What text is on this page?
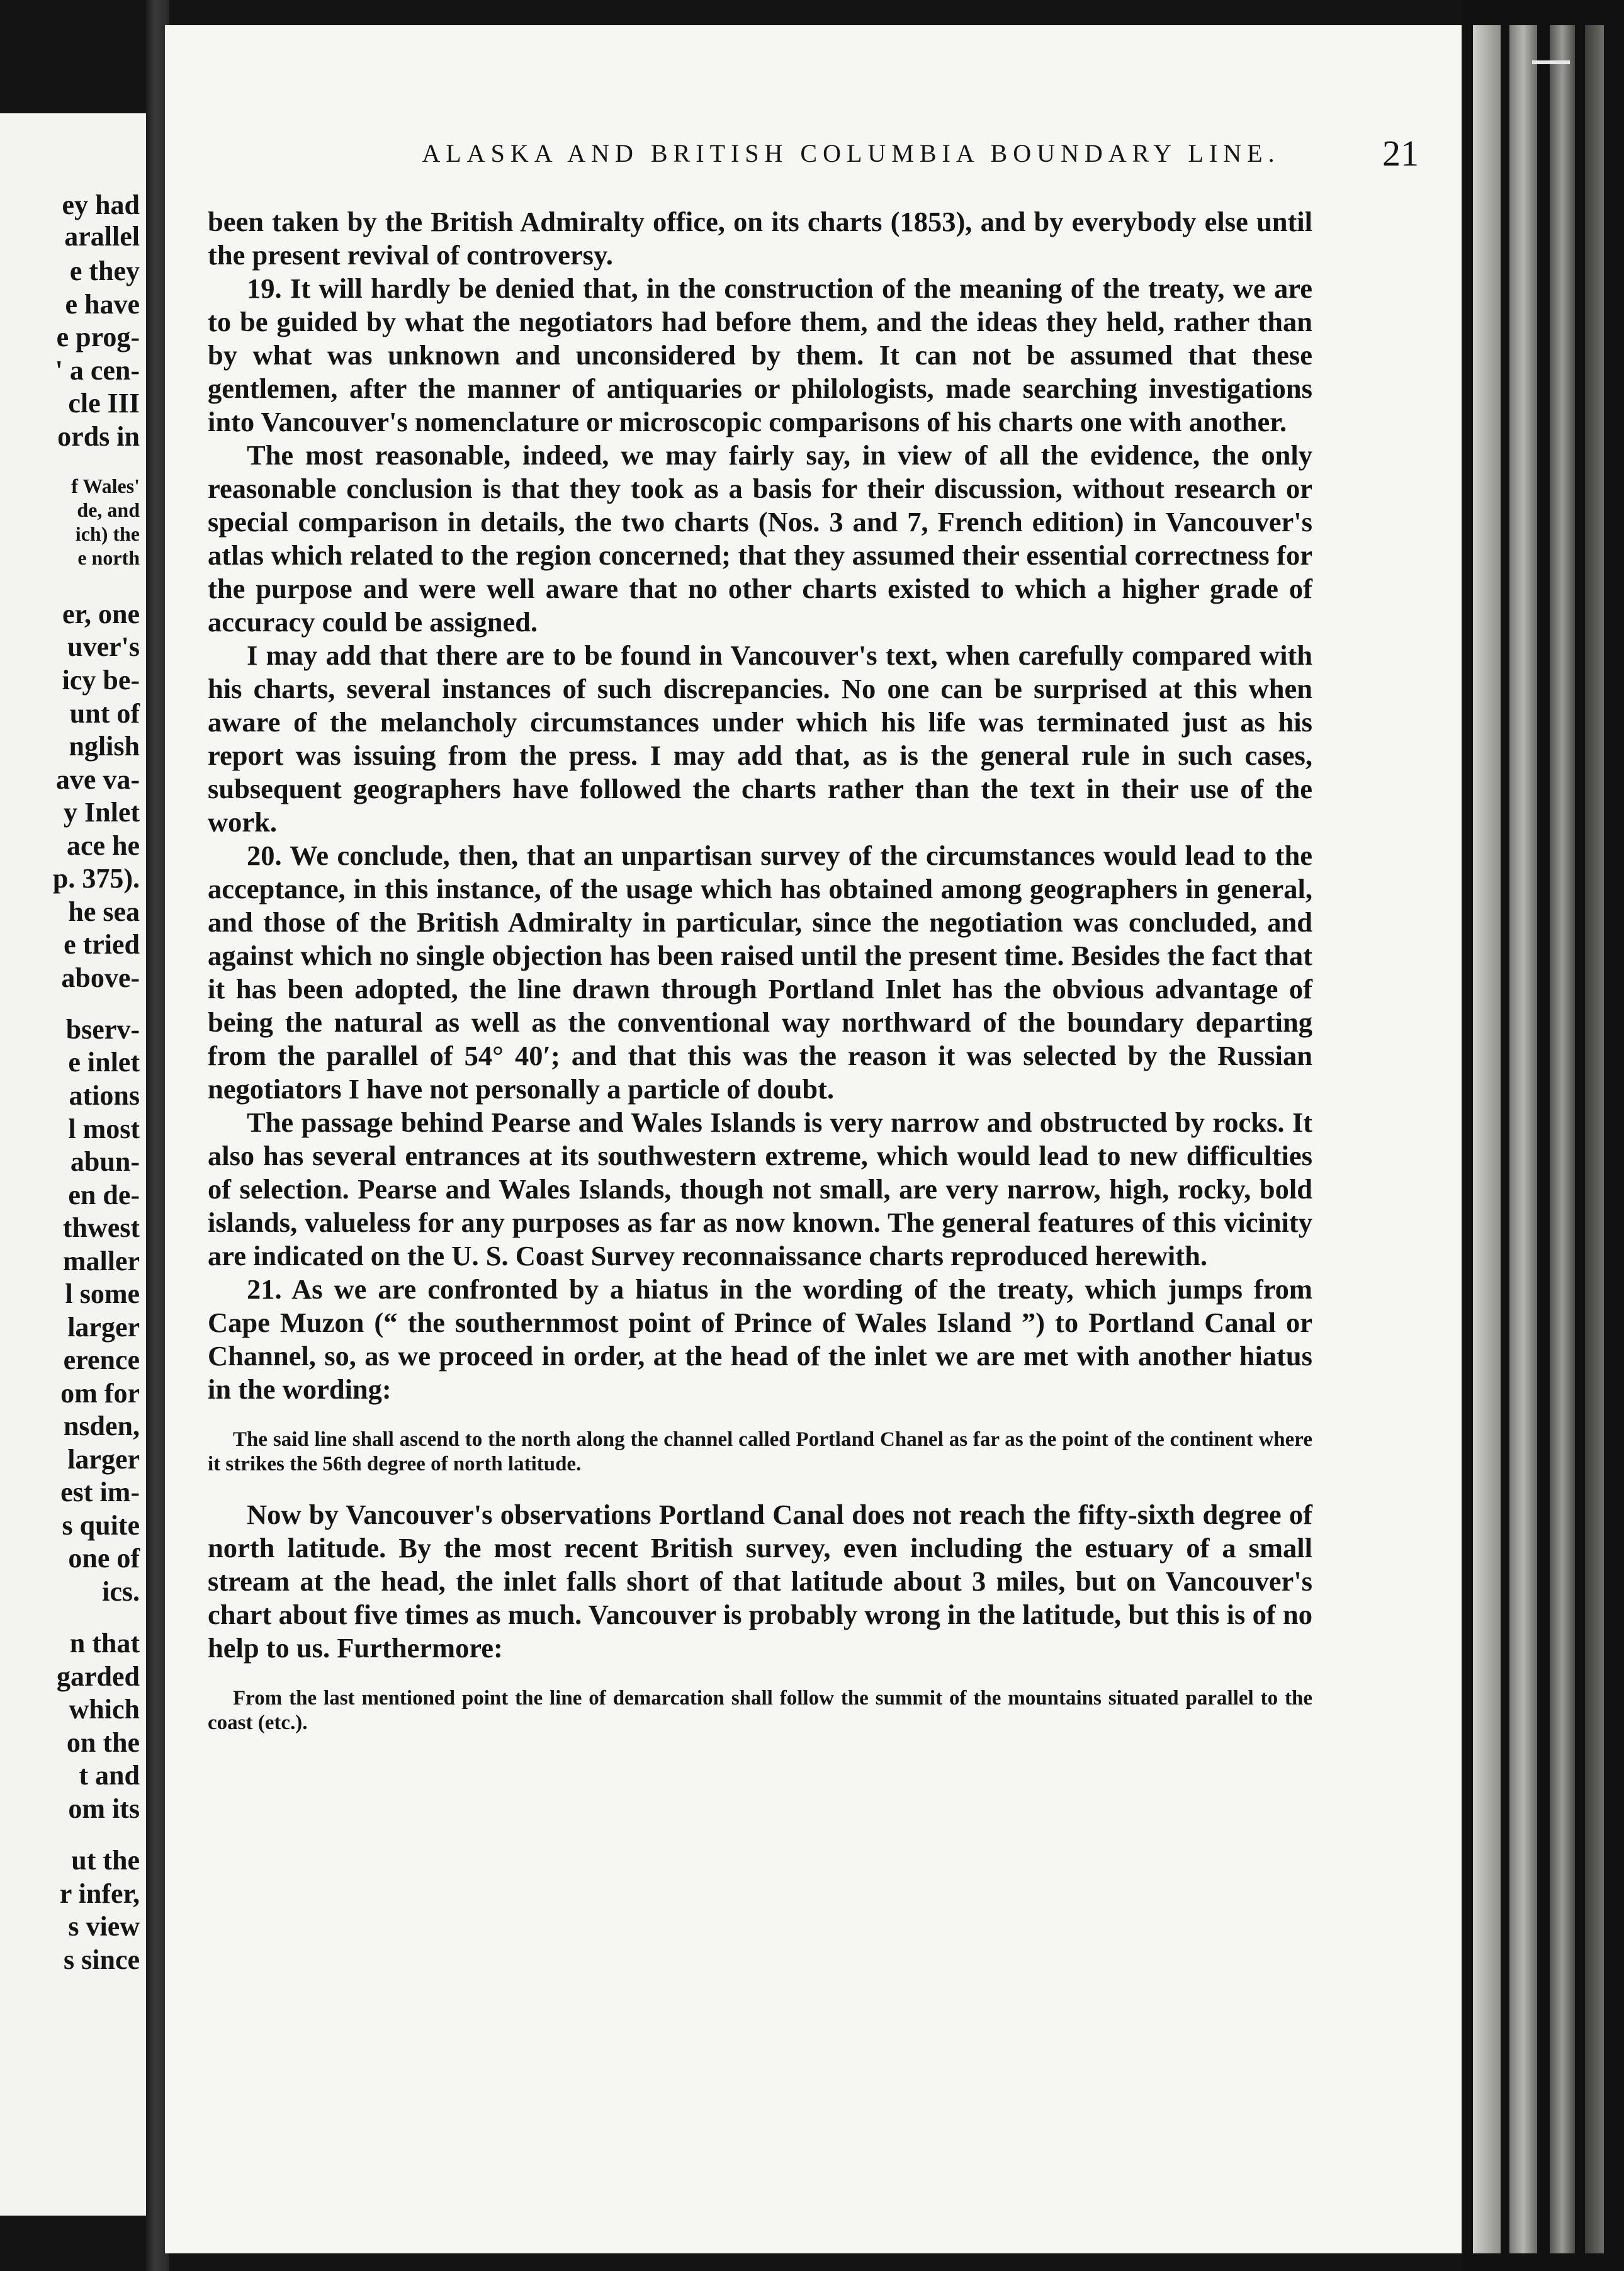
ey had
arallel
e they
e have
e prog-
' a cen-
cle III
ords in
f Wales'
de, and
ich) the
e north
er, one
uver's
icy be-
unt of
nglish
ave va-
y Inlet
ace he
p. 375).
he sea
e tried
above-
bserv-
e inlet
ations
l most
abun-
en de-
thwest
maller
l some
larger
erence
om for
nsden,
larger
est im-
s quite
one of
ics.
n that
garded
which
on the
t and
om its
ut the
r infer,
s view
s since
ALASKA AND BRITISH COLUMBIA BOUNDARY LINE.	21

been taken by the British Admiralty office, on its charts (1853), and by everybody else until the present revival of controversy.

19. It will hardly be denied that, in the construction of the meaning of the treaty, we are to be guided by what the negotiators had before them, and the ideas they held, rather than by what was unknown and unconsidered by them. It can not be assumed that these gentlemen, after the manner of antiquaries or philologists, made searching investigations into Vancouver's nomenclature or microscopic comparisons of his charts one with another.

The most reasonable, indeed, we may fairly say, in view of all the evidence, the only reasonable conclusion is that they took as a basis for their discussion, without research or special comparison in details, the two charts (Nos. 3 and 7, French edition) in Vancouver's atlas which related to the region concerned; that they assumed their essential correctness for the purpose and were well aware that no other charts existed to which a higher grade of accuracy could be assigned.

I may add that there are to be found in Vancouver's text, when carefully compared with his charts, several instances of such discrepancies. No one can be surprised at this when aware of the melancholy circumstances under which his life was terminated just as his report was issuing from the press. I may add that, as is the general rule in such cases, subsequent geographers have followed the charts rather than the text in their use of the work.

20. We conclude, then, that an unpartisan survey of the circumstances would lead to the acceptance, in this instance, of the usage which has obtained among geographers in general, and those of the British Admiralty in particular, since the negotiation was concluded, and against which no single objection has been raised until the present time. Besides the fact that it has been adopted, the line drawn through Portland Inlet has the obvious advantage of being the natural as well as the conventional way northward of the boundary departing from the parallel of 54° 40′; and that this was the reason it was selected by the Russian negotiators I have not personally a particle of doubt.

The passage behind Pearse and Wales Islands is very narrow and obstructed by rocks. It also has several entrances at its southwestern extreme, which would lead to new difficulties of selection. Pearse and Wales Islands, though not small, are very narrow, high, rocky, bold islands, valueless for any purposes as far as now known. The general features of this vicinity are indicated on the U. S. Coast Survey reconnaissance charts reproduced herewith.

21. As we are confronted by a hiatus in the wording of the treaty, which jumps from Cape Muzon (“ the southernmost point of Prince of Wales Island ”) to Portland Canal or Channel, so, as we proceed in order, at the head of the inlet we are met with another hiatus in the wording:

The said line shall ascend to the north along the channel called Portland Chanel as far as the point of the continent where it strikes the 56th degree of north latitude.

Now by Vancouver's observations Portland Canal does not reach the fifty-sixth degree of north latitude. By the most recent British survey, even including the estuary of a small stream at the head, the inlet falls short of that latitude about 3 miles, but on Vancouver's chart about five times as much. Vancouver is probably wrong in the latitude, but this is of no help to us. Furthermore:

From the last mentioned point the line of demarcation shall follow the summit of the mountains situated parallel to the coast (etc.).
